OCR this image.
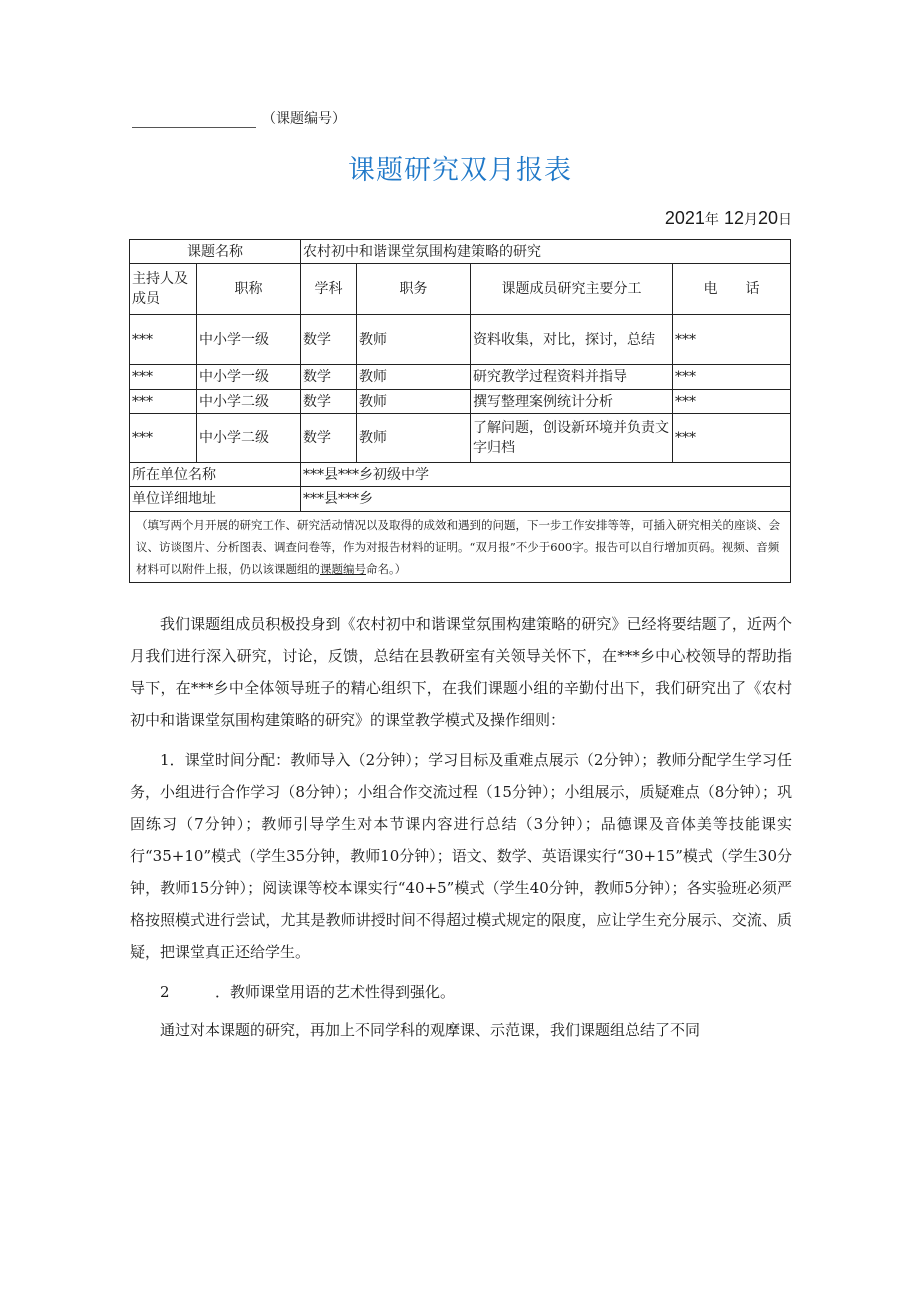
（课题编号）
课题研究双月报表
2021年 12月20日
课题名称		农村初中和谐课堂氛围构建策略的研究			
主持人及成员	职称	学科	职务	课题成员研究主要分工	电　　话
***	中小学一级	数学	教师	资料收集，对比，探讨，总结	***
***	中小学一级	数学	教师	研究教学过程资料并指导	***
***	中小学二级	数学	教师	撰写整理案例统计分析	***
***	中小学二级	数学	教师	了解问题，创设新环境并负责文字归档	***
所在单位名称		***县***乡初级中学			
单位详细地址		***县***乡			
（填写两个月开展的研究工作、研究活动情况以及取得的成效和遇到的问题，下一步工作安排等等，可插入研究相关的座谈、会议、访谈图片、分析图表、调查问卷等，作为对报告材料的证明。“双月报”不少于600字。报告可以自行增加页码。视频、音频材料可以附件上报，仍以该课题组的课题编号命名。）					

我们课题组成员积极投身到《农村初中和谐课堂氛围构建策略的研究》已经将要结题了，近两个月我们进行深入研究，讨论，反馈，总结在县教研室有关领导关怀下，在***乡中心校领导的帮助指导下，在***乡中全体领导班子的精心组织下，在我们课题小组的辛勤付出下，我们研究出了《农村初中和谐课堂氛围构建策略的研究》的课堂教学模式及操作细则：

1．课堂时间分配：教师导入（2分钟）；学习目标及重难点展示（2分钟）；教师分配学生学习任务，小组进行合作学习（8分钟）；小组合作交流过程（15分钟）；小组展示，质疑难点（8分钟）；巩固练习（7分钟）；教师引导学生对本节课内容进行总结（3分钟）；品德课及音体美等技能课实行“35+10”模式（学生35分钟，教师10分钟）；语文、数学、英语课实行“30+15”模式（学生30分钟，教师15分钟）；阅读课等校本课实行“40+5”模式（学生40分钟，教师5分钟）；各实验班必须严格按照模式进行尝试，尤其是教师讲授时间不得超过模式规定的限度，应让学生充分展示、交流、质疑，把课堂真正还给学生。

2	．教师课堂用语的艺术性得到强化。

通过对本课题的研究，再加上不同学科的观摩课、示范课，我们课题组总结了不同
